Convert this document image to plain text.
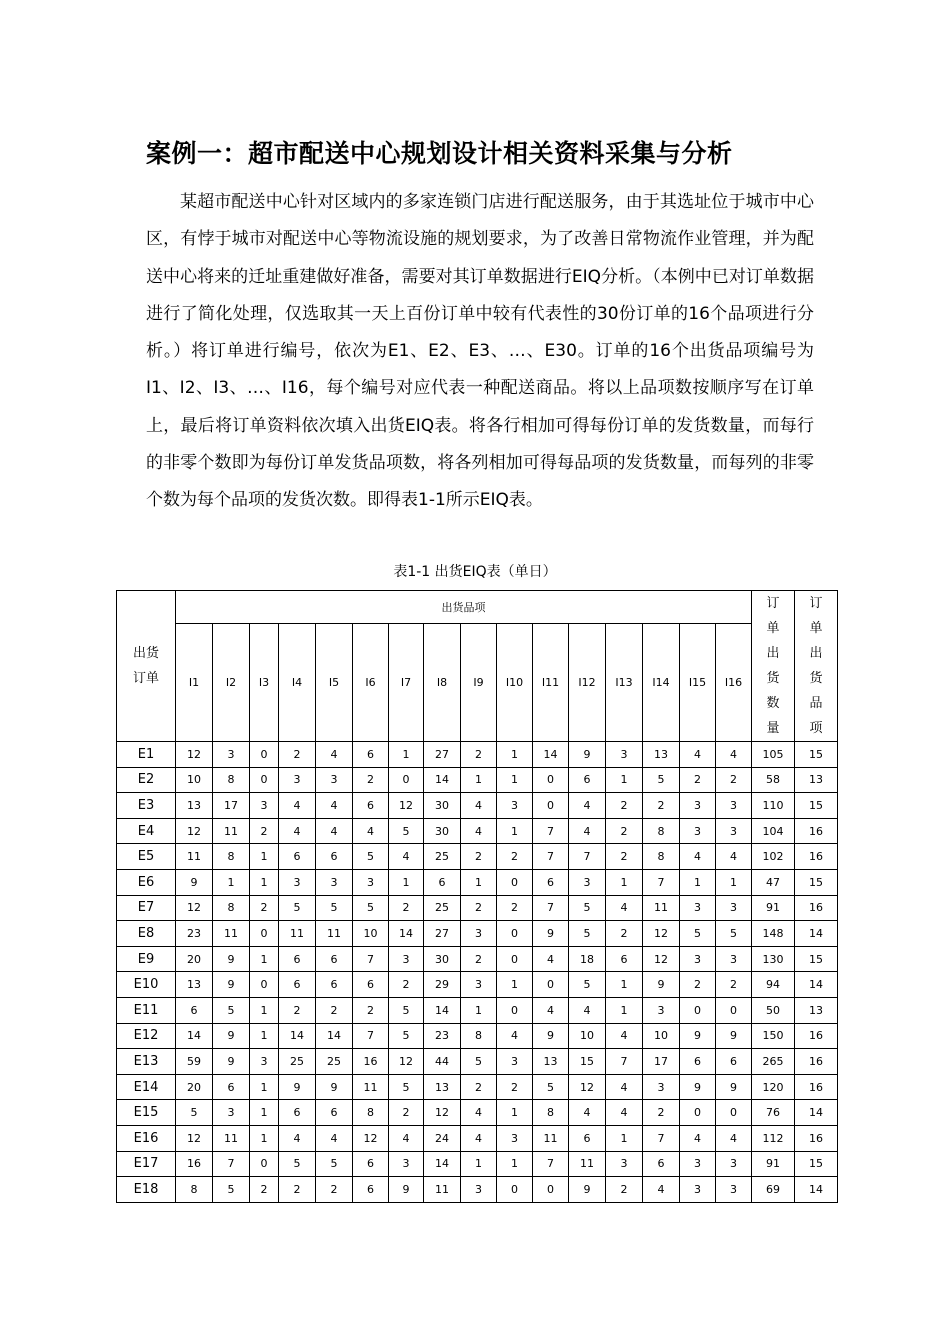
案例一：超市配送中心规划设计相关资料采集与分析

某超市配送中心针对区域内的多家连锁门店进行配送服务，由于其选址位于城市中心区，有悖于城市对配送中心等物流设施的规划要求，为了改善日常物流作业管理，并为配送中心将来的迁址重建做好准备，需要对其订单数据进行EIQ分析。（本例中已对订单数据进行了简化处理，仅选取其一天上百份订单中较有代表性的30份订单的16个品项进行分析。）将订单进行编号，依次为E1、E2、E3、…、E30。订单的16个出货品项编号为I1、I2、I3、…、I16，每个编号对应代表一种配送商品。将以上品项数按顺序写在订单上，最后将订单资料依次填入出货EIQ表。将各行相加可得每份订单的发货数量，而每行的非零个数即为每份订单发货品项数，将各列相加可得每品项的发货数量，而每列的非零个数为每个品项的发货次数。即得表1-1所示EIQ表。

表1-1 出货EIQ表（单日）
出货订单	出货品项																订单出货数量	订单出货品项

	I1	I2	I3	I4	I5	I6	I7	I8	I9	I10	I11	I12	I13	I14	I15	I16		
E1	12	3	0	2	4	6	1	27	2	1	14	9	3	13	4	4	105	15
E2	10	8	0	3	3	2	0	14	1	1	0	6	1	5	2	2	58	13
E3	13	17	3	4	4	6	12	30	4	3	0	4	2	2	3	3	110	15
E4	12	11	2	4	4	4	5	30	4	1	7	4	2	8	3	3	104	16
E5	11	8	1	6	6	5	4	25	2	2	7	7	2	8	4	4	102	16
E6	9	1	1	3	3	3	1	6	1	0	6	3	1	7	1	1	47	15
E7	12	8	2	5	5	5	2	25	2	2	7	5	4	11	3	3	91	16
E8	23	11	0	11	11	10	14	27	3	0	9	5	2	12	5	5	148	14
E9	20	9	1	6	6	7	3	30	2	0	4	18	6	12	3	3	130	15
E10	13	9	0	6	6	6	2	29	3	1	0	5	1	9	2	2	94	14
E11	6	5	1	2	2	2	5	14	1	0	4	4	1	3	0	0	50	13
E12	14	9	1	14	14	7	5	23	8	4	9	10	4	10	9	9	150	16
E13	59	9	3	25	25	16	12	44	5	3	13	15	7	17	6	6	265	16
E14	20	6	1	9	9	11	5	13	2	2	5	12	4	3	9	9	120	16
E15	5	3	1	6	6	8	2	12	4	1	8	4	4	2	0	0	76	14
E16	12	11	1	4	4	12	4	24	4	3	11	6	1	7	4	4	112	16
E17	16	7	0	5	5	6	3	14	1	1	7	11	3	6	3	3	91	15
E18	8	5	2	2	2	6	9	11	3	0	0	9	2	4	3	3	69	14
